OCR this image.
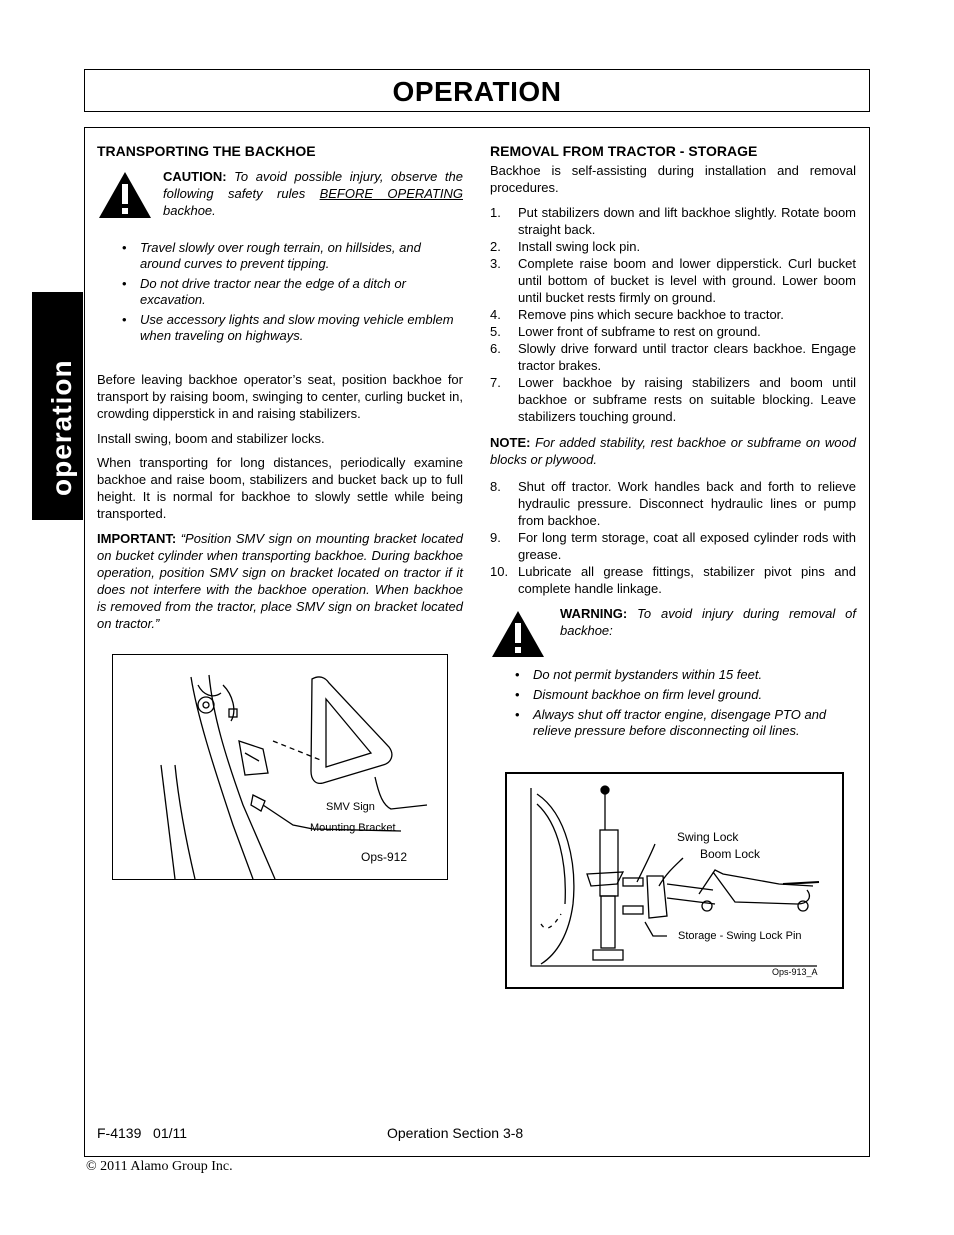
OPERATION
operation
TRANSPORTING THE BACKHOE
CAUTION: To avoid possible injury, observe the following safety rules BEFORE OPERATING backhoe.
• Travel slowly over rough terrain, on hillsides, and around curves to prevent tipping.
• Do not drive tractor near the edge of a ditch or excavation.
• Use accessory lights and slow moving vehicle emblem when traveling on highways.

Before leaving backhoe operator’s seat, position backhoe for transport by raising boom, swinging to center, curling bucket in, crowding dipperstick in and raising stabilizers.

Install swing, boom and stabilizer locks.

When transporting for long distances, periodically examine backhoe and raise boom, stabilizers and bucket back up to full height. It is normal for backhoe to slowly settle while being transported.

IMPORTANT: “Position SMV sign on mounting bracket located on bucket cylinder when transporting backhoe. During backhoe operation, position SMV sign on bracket located on tractor if it does not interfere with the backhoe operation. When backhoe is removed from the tractor, place SMV sign on bracket located on tractor.”

SMV Sign
Mounting Bracket
Ops-912
REMOVAL FROM TRACTOR - STORAGE

Backhoe is self-assisting during installation and removal procedures.

1. Put stabilizers down and lift backhoe slightly. Rotate boom straight back.
2. Install swing lock pin.
3. Complete raise boom and lower dipperstick. Curl bucket until bottom of bucket is level with ground. Lower boom until bucket rests firmly on ground.
4. Remove pins which secure backhoe to tractor.
5. Lower front of subframe to rest on ground.
6. Slowly drive forward until tractor clears backhoe. Engage tractor brakes.
7. Lower backhoe by raising stabilizers and boom until backhoe or subframe rests on suitable blocking. Leave stabilizers touching ground.

NOTE: For added stability, rest backhoe or subframe on wood blocks or plywood.

8. Shut off tractor. Work handles back and forth to relieve hydraulic pressure. Disconnect hydraulic lines or pump from backhoe.
9. For long term storage, coat all exposed cylinder rods with grease.
10. Lubricate all grease fittings, stabilizer pivot pins and complete handle linkage.
WARNING: To avoid injury during removal of backhoe:
• Do not permit bystanders within 15 feet.
• Dismount backhoe on firm level ground.
• Always shut off tractor engine, disengage PTO and relieve pressure before disconnecting oil lines.
Swing Lock
Boom Lock
Storage - Swing Lock Pin
Ops-913_A
F-4139   01/11	Operation Section 3-8
© 2011 Alamo Group Inc.
